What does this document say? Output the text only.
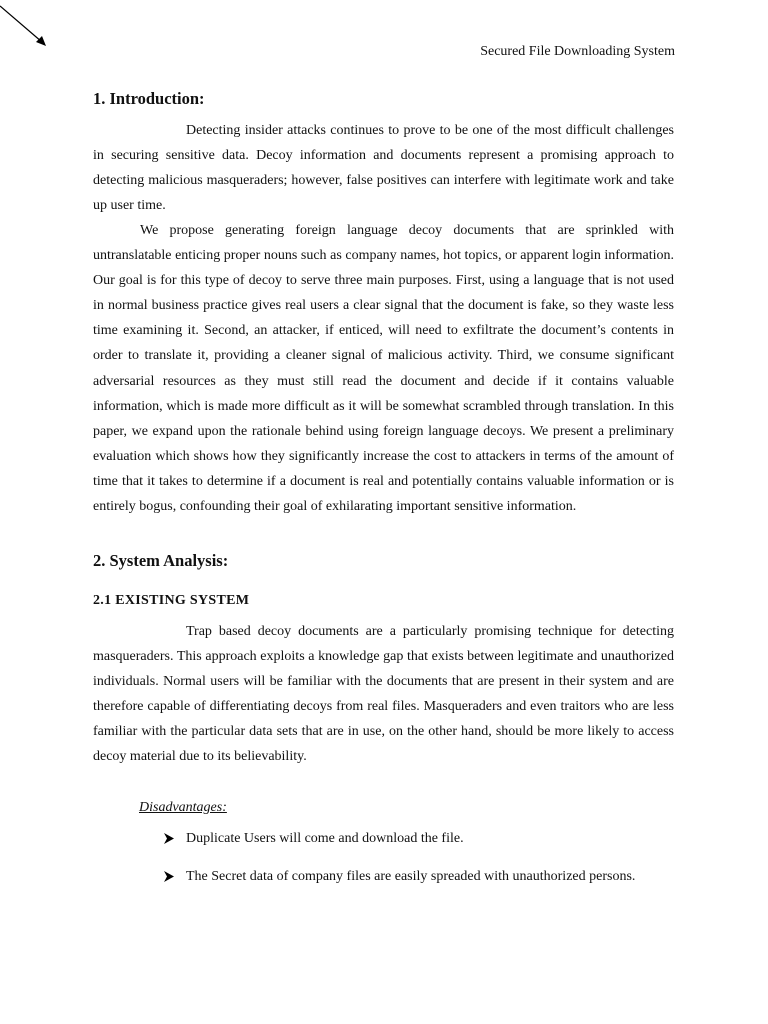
Secured File Downloading System
1. Introduction:

Detecting insider attacks continues to prove to be one of the most difficult challenges in securing sensitive data. Decoy information and documents represent a promising approach to detecting malicious masqueraders; however, false positives can interfere with legitimate work and take up user time.

We propose generating foreign language decoy documents that are sprinkled with untranslatable enticing proper nouns such as company names, hot topics, or apparent login information. Our goal is for this type of decoy to serve three main purposes. First, using a language that is not used in normal business practice gives real users a clear signal that the document is fake, so they waste less time examining it. Second, an attacker, if enticed, will need to exfiltrate the document’s contents in order to translate it, providing a cleaner signal of malicious activity. Third, we consume significant adversarial resources as they must still read the document and decide if it contains valuable information, which is made more difficult as it will be somewhat scrambled through translation. In this paper, we expand upon the rationale behind using foreign language decoys. We present a preliminary evaluation which shows how they significantly increase the cost to attackers in terms of the amount of time that it takes to determine if a document is real and potentially contains valuable information or is entirely bogus, confounding their goal of exhilarating important sensitive information.

2. System Analysis:
2.1 EXISTING SYSTEM

Trap based decoy documents are a particularly promising technique for detecting masqueraders. This approach exploits a knowledge gap that exists between legitimate and unauthorized individuals. Normal users will be familiar with the documents that are present in their system and are therefore capable of differentiating decoys from real files. Masqueraders and even traitors who are less familiar with the particular data sets that are in use, on the other hand, should be more likely to access decoy material due to its believability.

Disadvantages:
Duplicate Users will come and download the file.
The Secret data of company files are easily spreaded with unauthorized persons.
